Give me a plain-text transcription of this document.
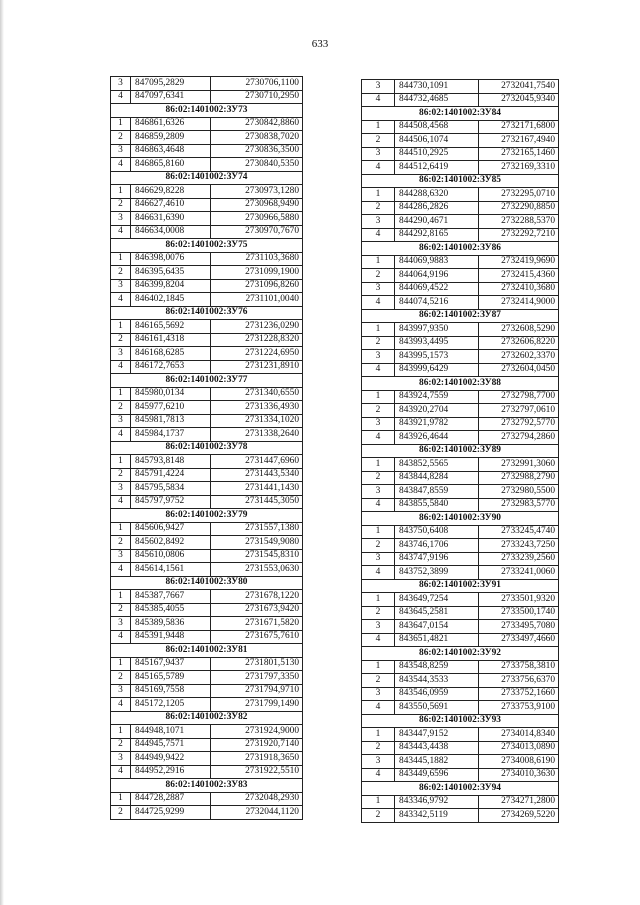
633
3	847095,2829	2730706,1100
4	847097,6341	2730710,2950
86:02:1401002:ЗУ73		
1	846861,6326	2730842,8860
2	846859,2809	2730838,7020
3	846863,4648	2730836,3500
4	846865,8160	2730840,5350
86:02:1401002:ЗУ74		
1	846629,8228	2730973,1280
2	846627,4610	2730968,9490
3	846631,6390	2730966,5880
4	846634,0008	2730970,7670
86:02:1401002:ЗУ75		
1	846398,0076	2731103,3680
2	846395,6435	2731099,1900
3	846399,8204	2731096,8260
4	846402,1845	2731101,0040
86:02:1401002:ЗУ76		
1	846165,5692	2731236,0290
2	846161,4318	2731228,8320
3	846168,6285	2731224,6950
4	846172,7653	2731231,8910
86:02:1401002:ЗУ77		
1	845980,0134	2731340,6550
2	845977,6210	2731336,4930
3	845981,7813	2731334,1020
4	845984,1737	2731338,2640
86:02:1401002:ЗУ78		
1	845793,8148	2731447,6960
2	845791,4224	2731443,5340
3	845795,5834	2731441,1430
4	845797,9752	2731445,3050
86:02:1401002:ЗУ79		
1	845606,9427	2731557,1380
2	845602,8492	2731549,9080
3	845610,0806	2731545,8310
4	845614,1561	2731553,0630
86:02:1401002:ЗУ80		
1	845387,7667	2731678,1220
2	845385,4055	2731673,9420
3	845389,5836	2731671,5820
4	845391,9448	2731675,7610
86:02:1401002:ЗУ81		
1	845167,9437	2731801,5130
2	845165,5789	2731797,3350
3	845169,7558	2731794,9710
4	845172,1205	2731799,1490
86:02:1401002:ЗУ82		
1	844948,1071	2731924,9000
2	844945,7571	2731920,7140
3	844949,9422	2731918,3650
4	844952,2916	2731922,5510
86:02:1401002:ЗУ83		
1	844728,2887	2732048,2930
2	844725,9299	2732044,1120
3	844730,1091	2732041,7540
4	844732,4685	2732045,9340
86:02:1401002:ЗУ84		
1	844508,4568	2732171,6800
2	844506,1074	2732167,4940
3	844510,2925	2732165,1460
4	844512,6419	2732169,3310
86:02:1401002:ЗУ85		
1	844288,6320	2732295,0710
2	844286,2826	2732290,8850
3	844290,4671	2732288,5370
4	844292,8165	2732292,7210
86:02:1401002:ЗУ86		
1	844069,9883	2732419,9690
2	844064,9196	2732415,4360
3	844069,4522	2732410,3680
4	844074,5216	2732414,9000
86:02:1401002:ЗУ87		
1	843997,9350	2732608,5290
2	843993,4495	2732606,8220
3	843995,1573	2732602,3370
4	843999,6429	2732604,0450
86:02:1401002:ЗУ88		
1	843924,7559	2732798,7700
2	843920,2704	2732797,0610
3	843921,9782	2732792,5770
4	843926,4644	2732794,2860
86:02:1401002:ЗУ89		
1	843852,5565	2732991,3060
2	843844,8284	2732988,2790
3	843847,8559	2732980,5500
4	843855,5840	2732983,5770
86:02:1401002:ЗУ90		
1	843750,6408	2733245,4740
2	843746,1706	2733243,7250
3	843747,9196	2733239,2560
4	843752,3899	2733241,0060
86:02:1401002:ЗУ91		
1	843649,7254	2733501,9320
2	843645,2581	2733500,1740
3	843647,0154	2733495,7080
4	843651,4821	2733497,4660
86:02:1401002:ЗУ92		
1	843548,8259	2733758,3810
2	843544,3533	2733756,6370
3	843546,0959	2733752,1660
4	843550,5691	2733753,9100
86:02:1401002:ЗУ93		
1	843447,9152	2734014,8340
2	843443,4438	2734013,0890
3	843445,1882	2734008,6190
4	843449,6596	2734010,3630
86:02:1401002:ЗУ94		
1	843346,9792	2734271,2800
2	843342,5119	2734269,5220
